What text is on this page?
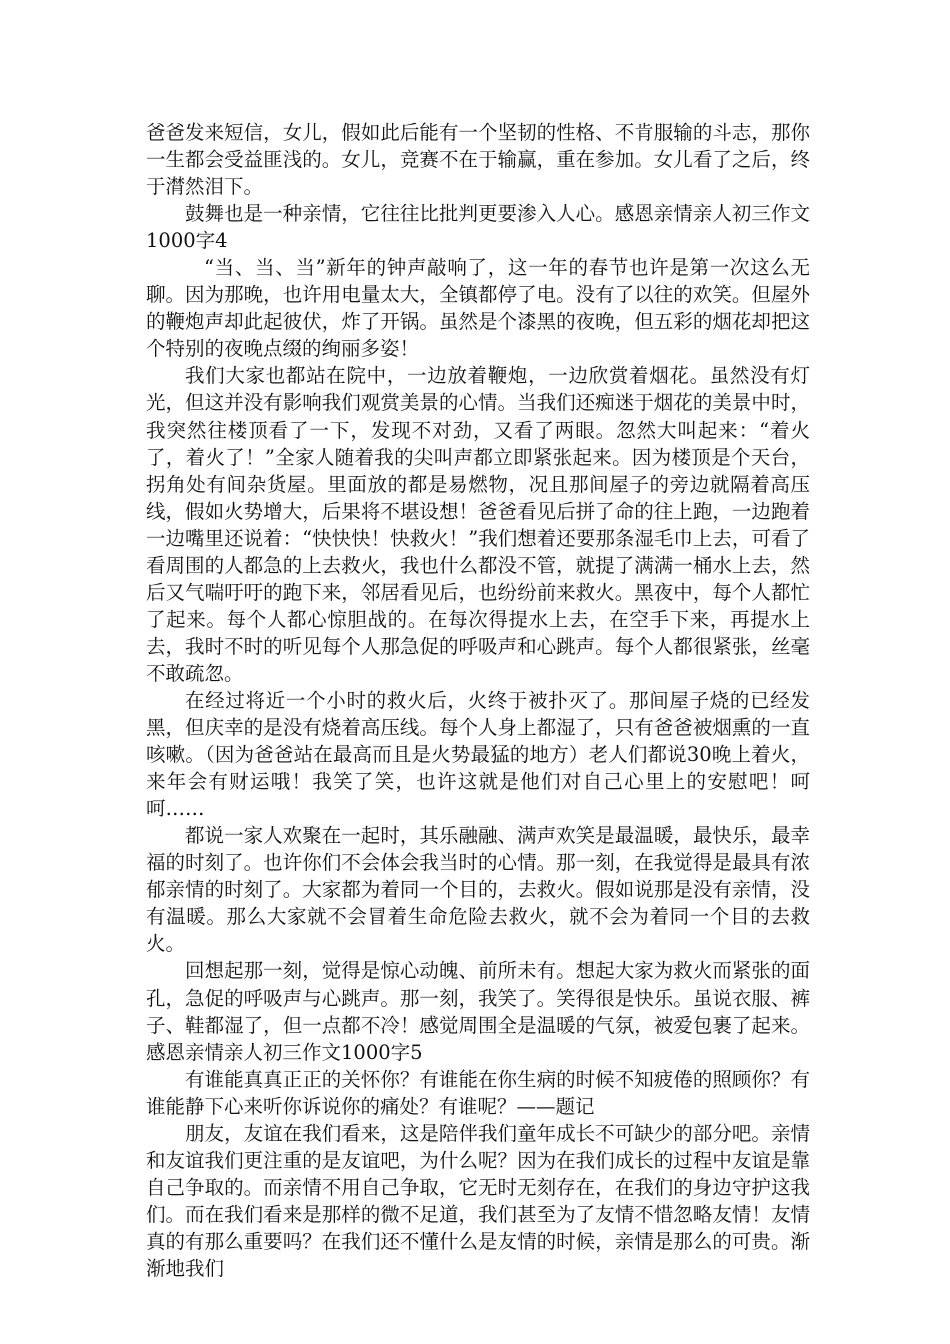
爸爸发来短信，女儿，假如此后能有一个坚韧的性格、不肯服输的斗志，那你一生都会受益匪浅的。女儿，竞赛不在于输赢，重在参加。女儿看了之后，终于潸然泪下。

鼓舞也是一种亲情，它往往比批判更要渗入人心。感恩亲情亲人初三作文1000字4

“当、当、当”新年的钟声敲响了，这一年的春节也许是第一次这么无聊。因为那晚，也许用电量太大，全镇都停了电。没有了以往的欢笑。但屋外的鞭炮声却此起彼伏，炸了开锅。虽然是个漆黑的夜晚，但五彩的烟花却把这个特别的夜晚点缀的绚丽多姿！

我们大家也都站在院中，一边放着鞭炮，一边欣赏着烟花。虽然没有灯光，但这并没有影响我们观赏美景的心情。当我们还痴迷于烟花的美景中时，我突然往楼顶看了一下，发现不对劲，又看了两眼。忽然大叫起来：“着火了，着火了！”全家人随着我的尖叫声都立即紧张起来。因为楼顶是个天台，拐角处有间杂货屋。里面放的都是易燃物，况且那间屋子的旁边就隔着高压线，假如火势增大，后果将不堪设想！爸爸看见后拼了命的往上跑，一边跑着一边嘴里还说着：“快快快！快救火！”我们想着还要那条湿毛巾上去，可看了看周围的人都急的上去救火，我也什么都没不管，就提了满满一桶水上去，然后又气喘吁吁的跑下来，邻居看见后，也纷纷前来救火。黑夜中，每个人都忙了起来。每个人都心惊胆战的。在每次得提水上去，在空手下来，再提水上去，我时不时的听见每个人那急促的呼吸声和心跳声。每个人都很紧张，丝毫不敢疏忽。

在经过将近一个小时的救火后，火终于被扑灭了。那间屋子烧的已经发黑，但庆幸的是没有烧着高压线。每个人身上都湿了，只有爸爸被烟熏的一直咳嗽。（因为爸爸站在最高而且是火势最猛的地方）老人们都说30晚上着火，来年会有财运哦！我笑了笑，也许这就是他们对自己心里上的安慰吧！呵呵……

都说一家人欢聚在一起时，其乐融融、满声欢笑是最温暖，最快乐，最幸福的时刻了。也许你们不会体会我当时的心情。那一刻，在我觉得是最具有浓郁亲情的时刻了。大家都为着同一个目的，去救火。假如说那是没有亲情，没有温暖。那么大家就不会冒着生命危险去救火，就不会为着同一个目的去救火。

回想起那一刻，觉得是惊心动魄、前所未有。想起大家为救火而紧张的面孔，急促的呼吸声与心跳声。那一刻，我笑了。笑得很是快乐。虽说衣服、裤子、鞋都湿了，但一点都不冷！感觉周围全是温暖的气氛，被爱包裹了起来。感恩亲情亲人初三作文1000字5

有谁能真真正正的关怀你？有谁能在你生病的时候不知疲倦的照顾你？有谁能静下心来听你诉说你的痛处？有谁呢？——题记

朋友，友谊在我们看来，这是陪伴我们童年成长不可缺少的部分吧。亲情和友谊我们更注重的是友谊吧，为什么呢？因为在我们成长的过程中友谊是靠自己争取的。而亲情不用自己争取，它无时无刻存在，在我们的身边守护这我们。而在我们看来是那样的微不足道，我们甚至为了友情不惜忽略友情！友情真的有那么重要吗？在我们还不懂什么是友情的时候，亲情是那么的可贵。渐渐地我们
